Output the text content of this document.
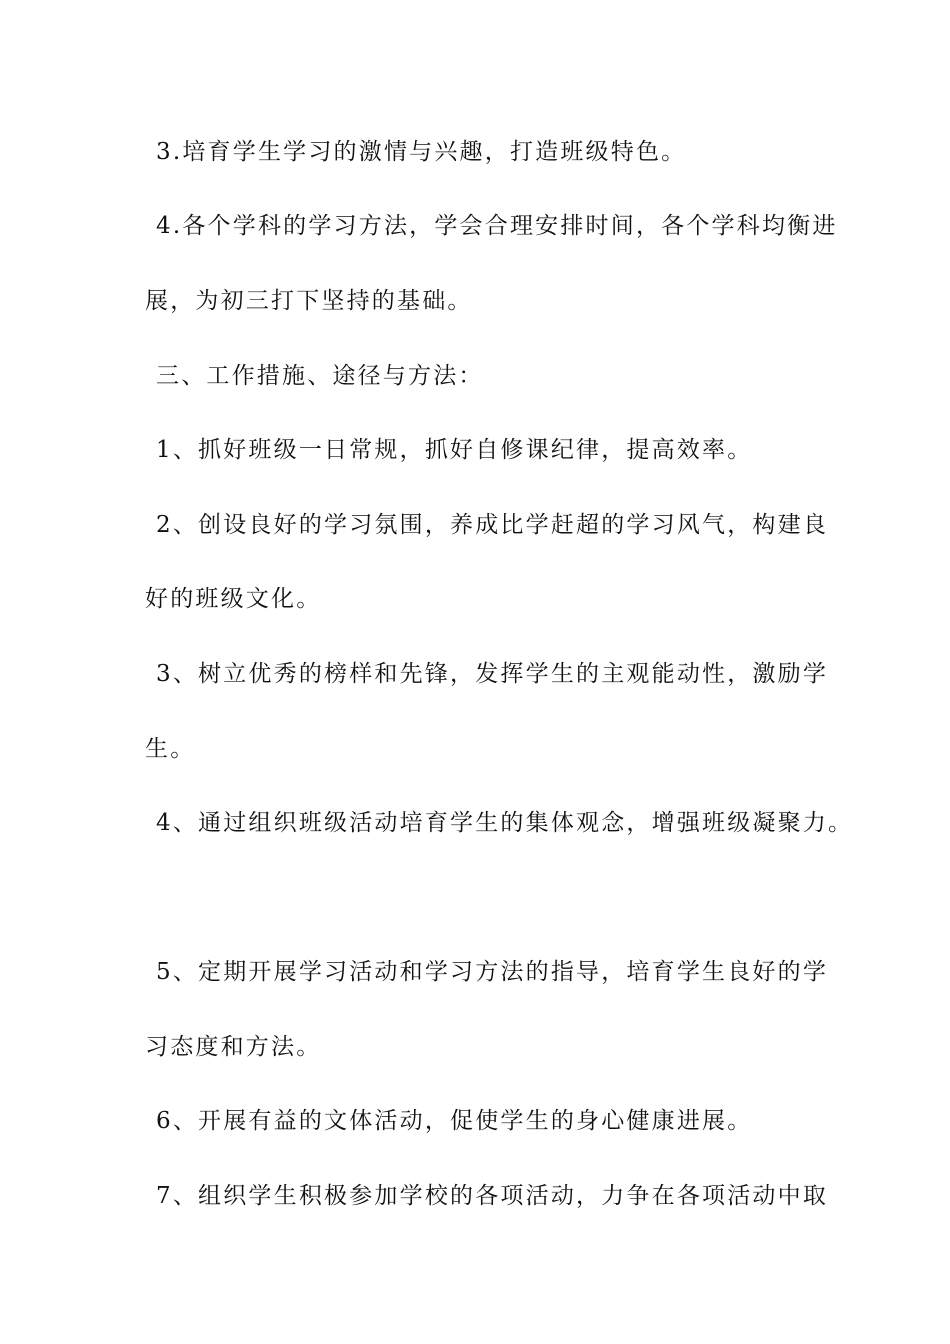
3.培育学生学习的激情与兴趣，打造班级特色。
4.各个学科的学习方法，学会合理安排时间，各个学科均衡进
展，为初三打下坚持的基础。
三、工作措施、途径与方法：
1、抓好班级一日常规，抓好自修课纪律，提高效率。
2、创设良好的学习氛围，养成比学赶超的学习风气，构建良
好的班级文化。
3、树立优秀的榜样和先锋，发挥学生的主观能动性，激励学
生。
4、通过组织班级活动培育学生的集体观念，增强班级凝聚力。
5、定期开展学习活动和学习方法的指导，培育学生良好的学
习态度和方法。
6、开展有益的文体活动，促使学生的身心健康进展。
7、组织学生积极参加学校的各项活动，力争在各项活动中取
